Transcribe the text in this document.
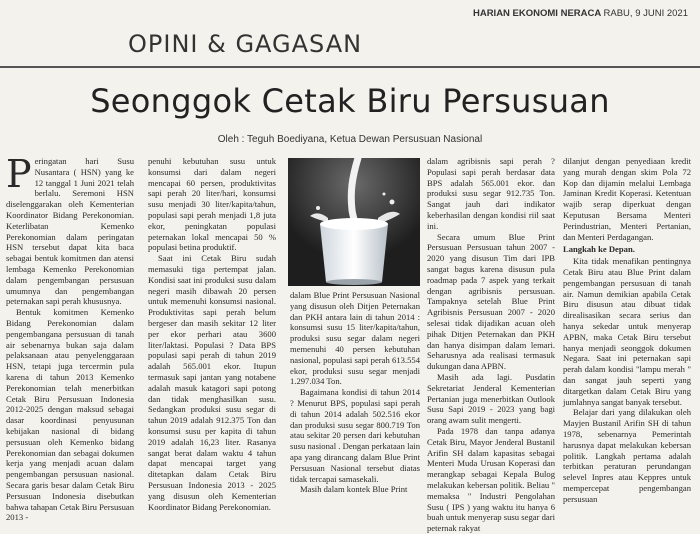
HARIAN EKONOMI NERACA RABU, 9 JUNI 2021
OPINI & GAGASAN
Seonggok Cetak Biru Persusuan
Oleh : Teguh Boediyana, Ketua Dewan Persusuan Nasional

Peringatan hari Susu Nusantara ( HSN) yang ke 12 tanggal 1 Juni 2021 telah berlalu. Seremoni HSN diselenggarakan oleh Kementerian Koordinator Bidang Perekonomian. Keterlibatan Kemenko Perekonomian dalam peringatan HSN tersebut dapat kita baca sebagai bentuk komitmen dan atensi lembaga Kemenko Perekonomian dalam pengembangan persusuan umumnya dan pengembangan peternakan sapi perah khususnya.

Bentuk komitmen Kemenko Bidang Perekonomian dalam pengembangana persusuan di tanah air sebenarnya bukan saja dalam pelaksanaan atau penyelenggaraan HSN, tetapi juga tercermin pula karena di tahun 2013 Kemenko Perekonomian telah menerbitkan Cetak Biru Persusuan Indonesia 2012-2025 dengan maksud sebagai dasar koordinasi penyusunan kebijakan nasional di bidang persusuan oleh Kemenko bidang Perekonomian dan sebagai dokumen kerja yang menjadi acuan dalam pengembangan persusuan nasional. Secara garis besar dalam Cetak Biru Persusuan Indonesia disebutkan bahwa tahapan Cetak Biru Persusuan 2013 -

penuhi kebutuhan susu untuk konsumsi dari dalam negeri mencapai 60 persen, produktivitas sapi perah 20 liter/hari, konsumsi susu menjadi 30 liter/kapita/tahun, populasi sapi perah menjadi 1,8 juta ekor, peningkatan populasi peternakan lokal mencapai 50 % populasi betina produktif.

Saat ini Cetak Biru sudah memasuki tiga pertempat jalan. Kondisi saat ini produksi susu dalam negeri masih dibawah 20 persen untuk memenuhi konsumsi nasional. Produktivitas sapi perah belum bergeser dan masih sekitar 12 liter per ekor perhari atau 3600 liter/laktasi. Populasi ? Data BPS populasi sapi perah di tahun 2019 adalah 565.001 ekor. Itupun termasuk sapi jantan yang notabene adalah masuk katagori sapi potong dan tidak menghasilkan susu. Sedangkan produksi susu segar di tahun 2019 adalah 912.375 Ton dan konsumsi susu per kapita di tahun 2019 adalah 16,23 liter. Rasanya sangat berat dalam waktu 4 tahun dapat mencapai target yang ditetapkan dalam Cetak Biru Persusuan Indonesia 2013 - 2025 yang disusun oleh Kementerian Koordinator Bidang Perekonomian.

dalam Blue Print Persusuan Nasional yang disusun oleh Ditjen Peternakan dan PKH antara lain di tahun 2014 : konsumsi susu 15 liter/kapita/tahun, produksi susu segar dalam negeri memenuhi 40 persen kebutuhan nasional, populasi sapi perah 613.554 ekor, produksi susu segar menjadi 1.297.034 Ton.

Bagaimana kondisi di tahun 2014 ? Menurut BPS, populasi sapi perah di tahun 2014 adalah 502.516 ekor dan produksi susu segar 800.719 Ton atau sekitar 20 persen dari kebutuhan susu nasional . Dengan perkataan lain apa yang dirancang dalam Blue Print Persusuan Nasional tersebut diatas tidak tercapai samasekali.

Masih dalam kontek Blue Print

dalam agribisnis sapi perah ? Populasi sapi perah berdasar data BPS adalah 565.001 ekor. dan produksi susu segar 912.735 Ton. Sangat jauh dari indikator keberhasilan dengan kondisi riil saat ini.

Secara umum Blue Print Persusuan Persusuan tahun 2007 - 2020 yang disusun Tim dari IPB sangat bagus karena disusun pula roadmap pada 7 aspek yang terkait dengan agribisnis persusuan. Tampaknya setelah Blue Print Agribisnis Persusuan 2007 - 2020 selesai tidak dijadikan acuan oleh pihak Ditjen Peternakan dan PKH dan hanya disimpan dalam lemari. Seharusnya ada realisasi termasuk dukungan dana APBN.

Masih ada lagi. Pusdatin Sekretariat Jenderal Kementerian Pertanian juga menerbitkan Outlook Susu Sapi 2019 - 2023 yang bagi orang awam sulit mengerti.

Pada 1978 dan tanpa adanya Cetak Biru, Mayor Jenderal Bustanil Arifin SH dalam kapasitas sebagai Menteri Muda Urusan Koperasi dan merangkap sebagai Kepala Bulog melakukan kebersan politik. Beliau " memaksa " Industri Pengolahan Susu ( IPS ) yang waktu itu hanya 6 buah untuk menyerap susu segar dari peternak rakyat

dilanjut dengan penyediaan kredit yang murah dengan skim Pola 72 Kop dan dijamin melalui Lembaga Jaminan Kredit Koperasi. Ketentuan wajib serap diperkuat dengan Keputusan Bersama Menteri Perindustrian, Menteri Pertanian, dan Menteri Perdagangan.

Langkah ke Depan.

Kita tidak menafikan pentingnya Cetak Biru atau Blue Print dalam pengembangan persusuan di tanah air. Namun demikian apabila Cetak Biru disusun atau dibuat tidak direalisasikan secara serius dan hanya sekedar untuk menyerap APBN, maka Cetak Biru tersebut hanya menjadi seonggok dokumen Negara. Saat ini peternakan sapi perah dalam kondisi "lampu merah " dan sangat jauh seperti yang ditargetkan dalam Cetak Biru yang jumlahnya sangat banyak tersebut.

Belajar dari yang dilakukan oleh Mayjen Bustanil Arifin SH di tahun 1978, sebenarnya Pemerintah harusnya dapat melakukan kebersan politik. Langkah pertama adalah terbitkan peraturan perundangan selevel Inpres atau Keppres untuk mempercepat pengembangan persusuan
